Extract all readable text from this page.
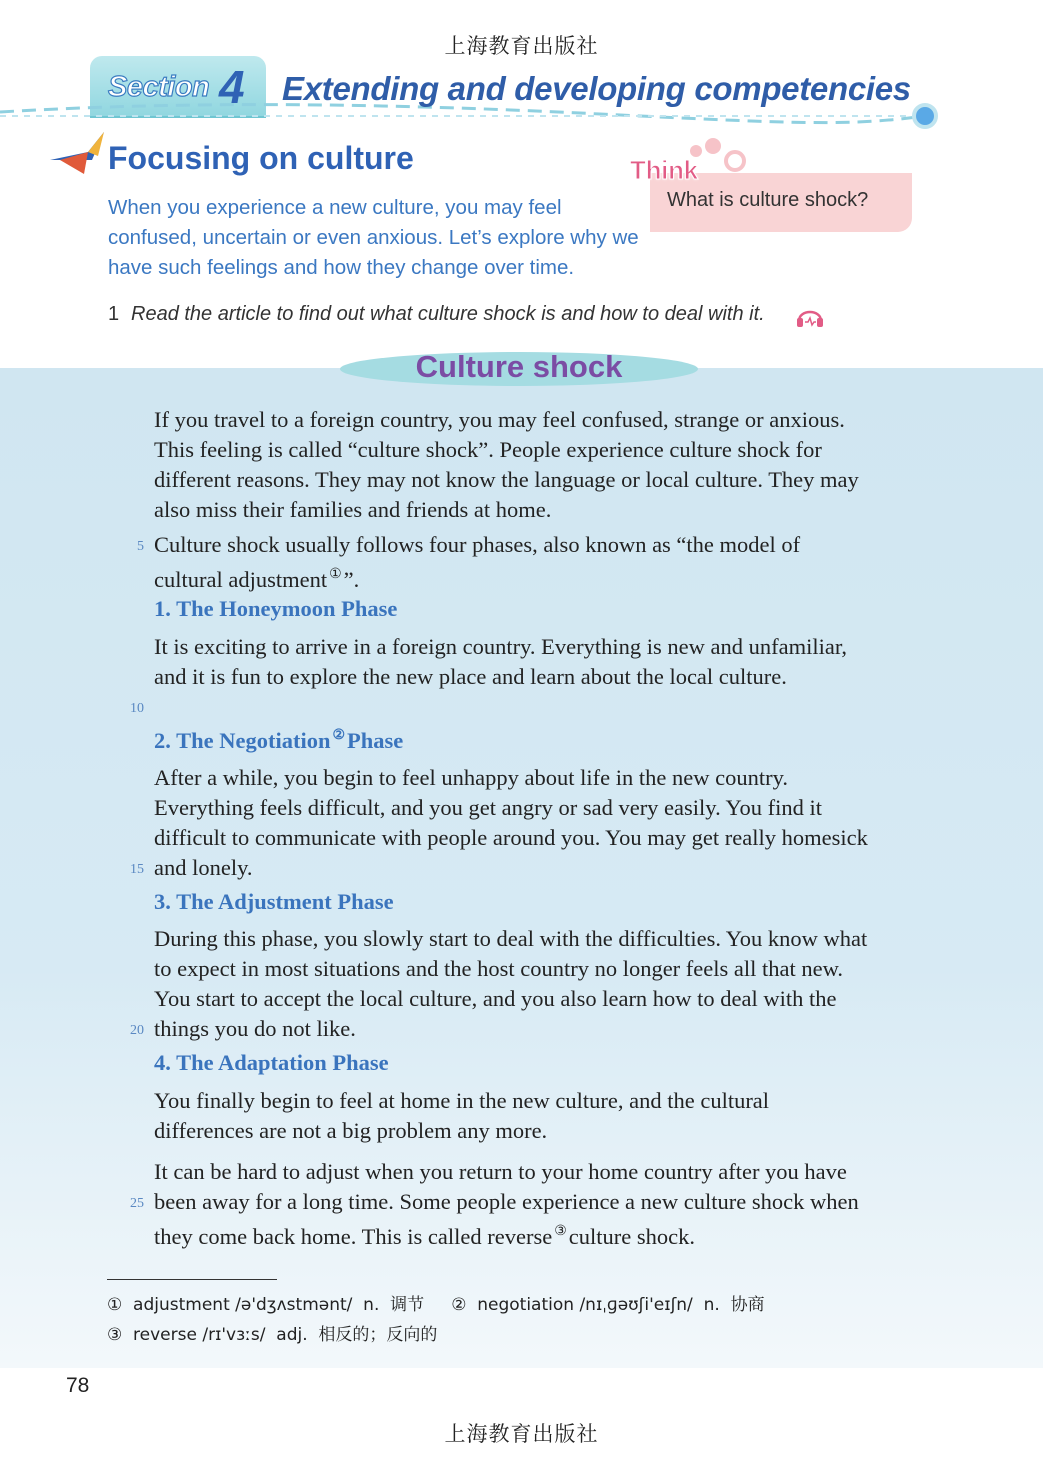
上海教育出版社
Section 4 Extending and developing competencies
Focusing on culture
When you experience a new culture, you may feel confused, uncertain or even anxious. Let’s explore why we have such feelings and how they change over time.
Think
What is culture shock?
1 Read the article to find out what culture shock is and how to deal with it.
Culture shock
If you travel to a foreign country, you may feel confused, strange or anxious. This feeling is called “culture shock”. People experience culture shock for different reasons. They may not know the language or local culture. They may also miss their families and friends at home.
Culture shock usually follows four phases, also known as “the model of cultural adjustment ①”.
1. The Honeymoon Phase
It is exciting to arrive in a foreign country. Everything is new and unfamiliar, and it is fun to explore the new place and learn about the local culture.
2. The Negotiation ②Phase
After a while, you begin to feel unhappy about life in the new country. Everything feels difficult, and you get angry or sad very easily. You find it difficult to communicate with people around you. You may get really homesick and lonely.
3. The Adjustment Phase
During this phase, you slowly start to deal with the difficulties. You know what to expect in most situations and the host country no longer feels all that new. You start to accept the local culture, and you also learn how to deal with the things you do not like.
4. The Adaptation Phase
You finally begin to feel at home in the new culture, and the cultural differences are not a big problem any more.
It can be hard to adjust when you return to your home country after you have been away for a long time. Some people experience a new culture shock when they come back home. This is called reverse ③culture shock.
5
10
15
20
25
①  adjustment /ə'dʒʌstmənt/  n.  调节     ②  negotiation /nɪˌɡəʊʃi'eɪʃn/  n.  协商
③  reverse /rɪ'vɜːs/  adj.  相反的；反向的
78
上海教育出版社
